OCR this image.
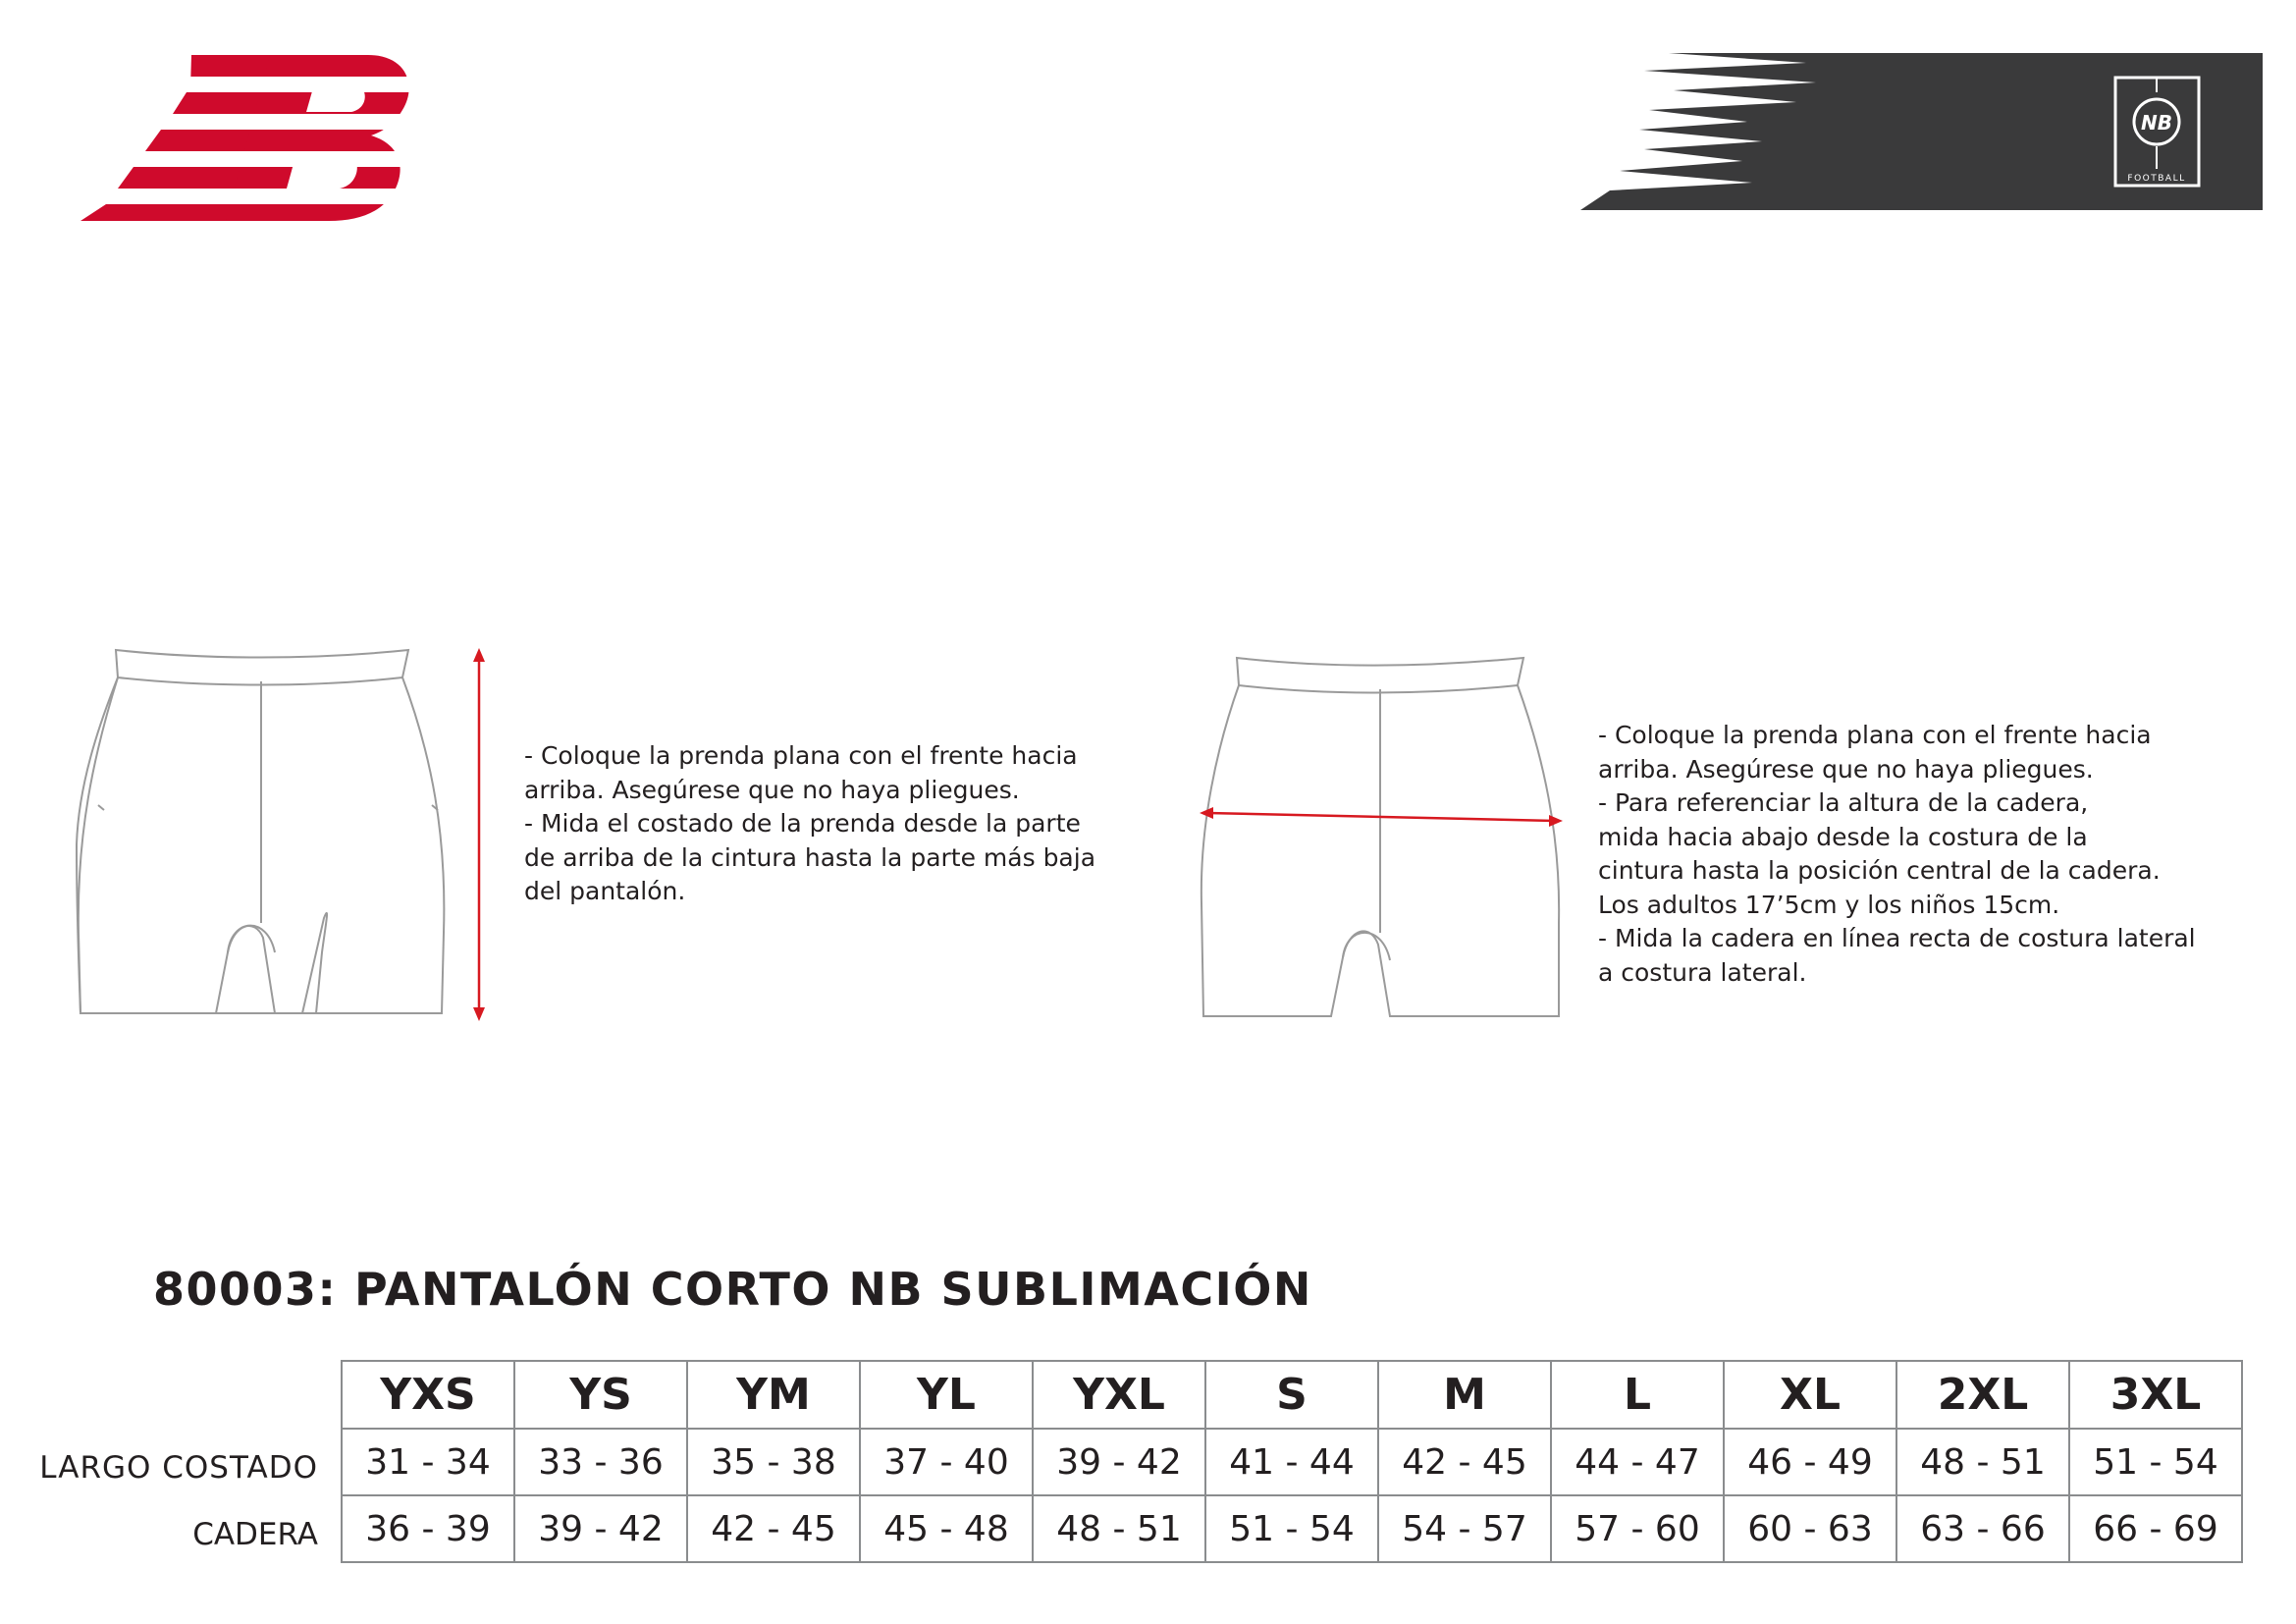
NB
FOOTBALL

- Coloque la prenda plana con el frente hacia

arriba. Asegúrese que no haya pliegues.

- Mida el costado de la prenda desde la parte

de arriba de la cintura hasta la parte más baja

del pantalón.

- Coloque la prenda plana con el frente hacia

arriba. Asegúrese que no haya pliegues.

- Para referenciar la altura de la cadera,

mida hacia abajo desde la costura de la

cintura hasta la posición central de la cadera.

Los adultos 17’5cm y los niños 15cm.

- Mida la cadera en línea recta de costura lateral

a costura lateral.

80003: PANTALÓN CORTO NB SUBLIMACIÓN
LARGO COSTADO
CADERA
YXS	YS	YM	YL	YXL	S	M	L	XL	2XL	3XL
31 - 34	33 - 36	35 - 38	37 - 40	39 - 42	41 - 44	42 - 45	44 - 47	46 - 49	48 - 51	51 - 54
36 - 39	39 - 42	42 - 45	45 - 48	48 - 51	51 - 54	54 - 57	57 - 60	60 - 63	63 - 66	66 - 69
